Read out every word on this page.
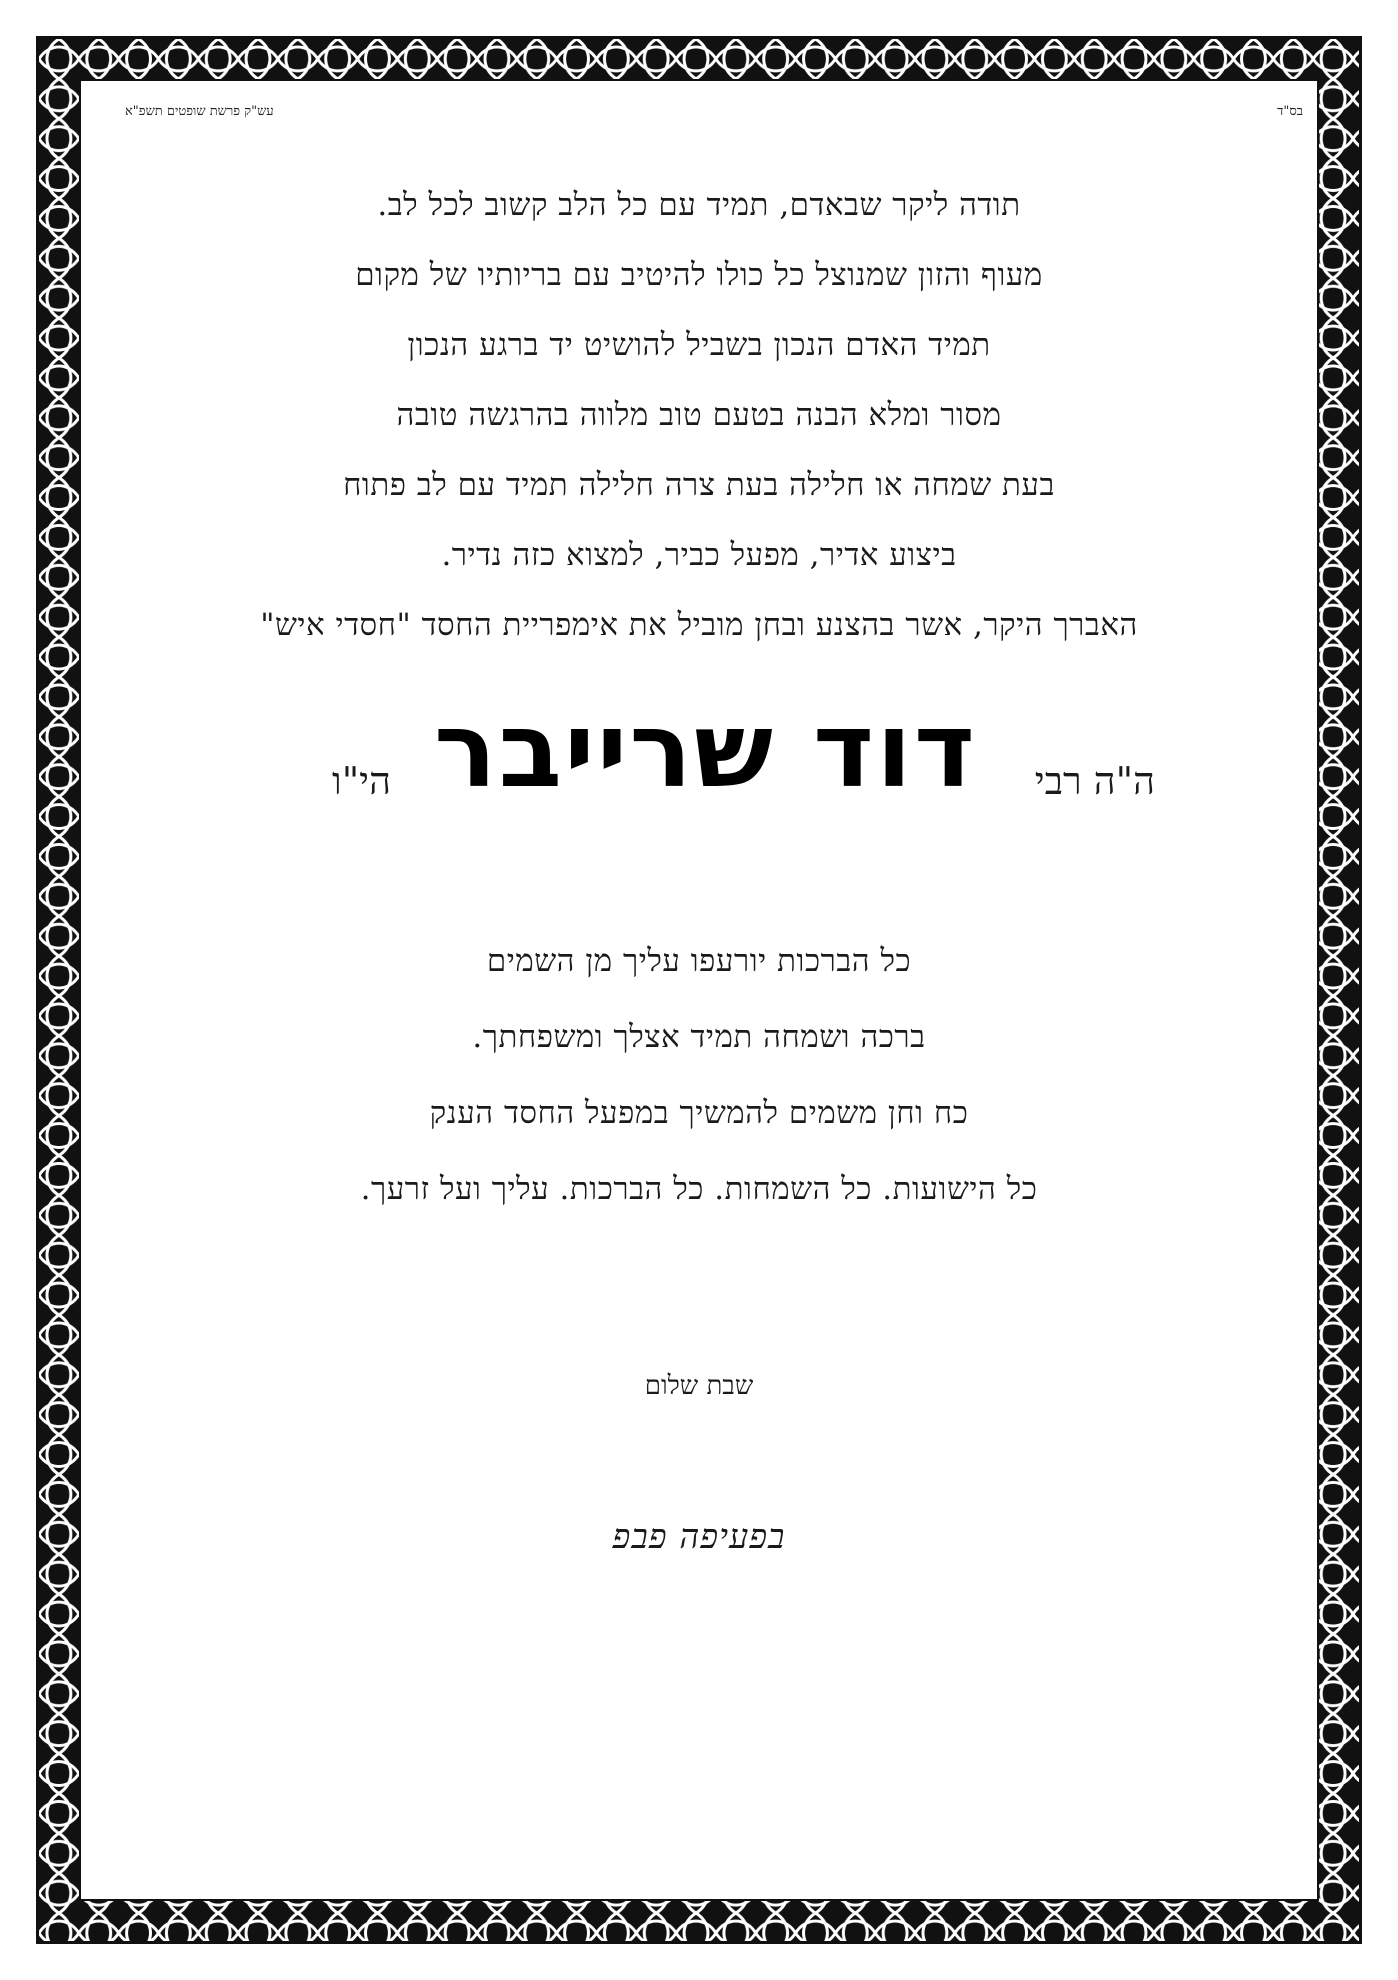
עש"ק פרשת שופטים תשפ"א	בס"ד
תודה ליקר שבאדם, תמיד עם כל הלב קשוב לכל לב.
מעוף והזון שמנוצל כל כולו להיטיב עם בריותיו של מקום
תמיד האדם הנכון בשביל להושיט יד ברגע הנכון
מסור ומלא הבנה בטעם טוב מלווה בהרגשה טובה
בעת שמחה או חלילה בעת צרה חלילה תמיד עם לב פתוח
ביצוע אדיר, מפעל כביר, למצוא כזה נדיר.
האברך היקר, אשר בהצנע ובחן מוביל את אימפריית החסד "חסדי איש"
ה"ה רבי
דוד שרייבר
הי"ו
כל הברכות יורעפו עליך מן השמים
ברכה ושמחה תמיד אצלך ומשפחתך.
כח וחן משמים להמשיך במפעל החסד הענק
כל הישועות. כל השמחות. כל הברכות. עליך ועל זרעך.
שבת שלום
בפעיפה פבפ
